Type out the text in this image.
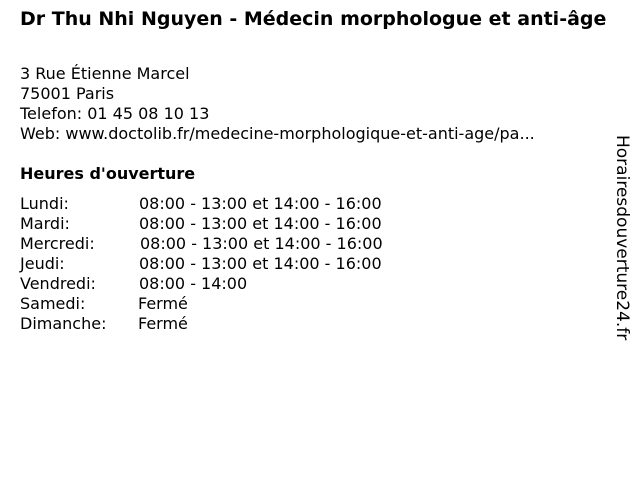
Dr Thu Nhi Nguyen - Médecin morphologue et anti-âge
3 Rue Étienne Marcel
75001 Paris
Telefon: 01 45 08 10 13
Web: www.doctolib.fr/medecine-morphologique-et-anti-age/pa...
Heures d'ouverture
Lundi:	08:00 - 13:00 et 14:00 - 16:00
Mardi:	08:00 - 13:00 et 14:00 - 16:00
Mercredi:	08:00 - 13:00 et 14:00 - 16:00
Jeudi:	08:00 - 13:00 et 14:00 - 16:00
Vendredi:	08:00 - 14:00
Samedi:	Fermé
Dimanche: Fermé	Horairesdouverture24.fr
